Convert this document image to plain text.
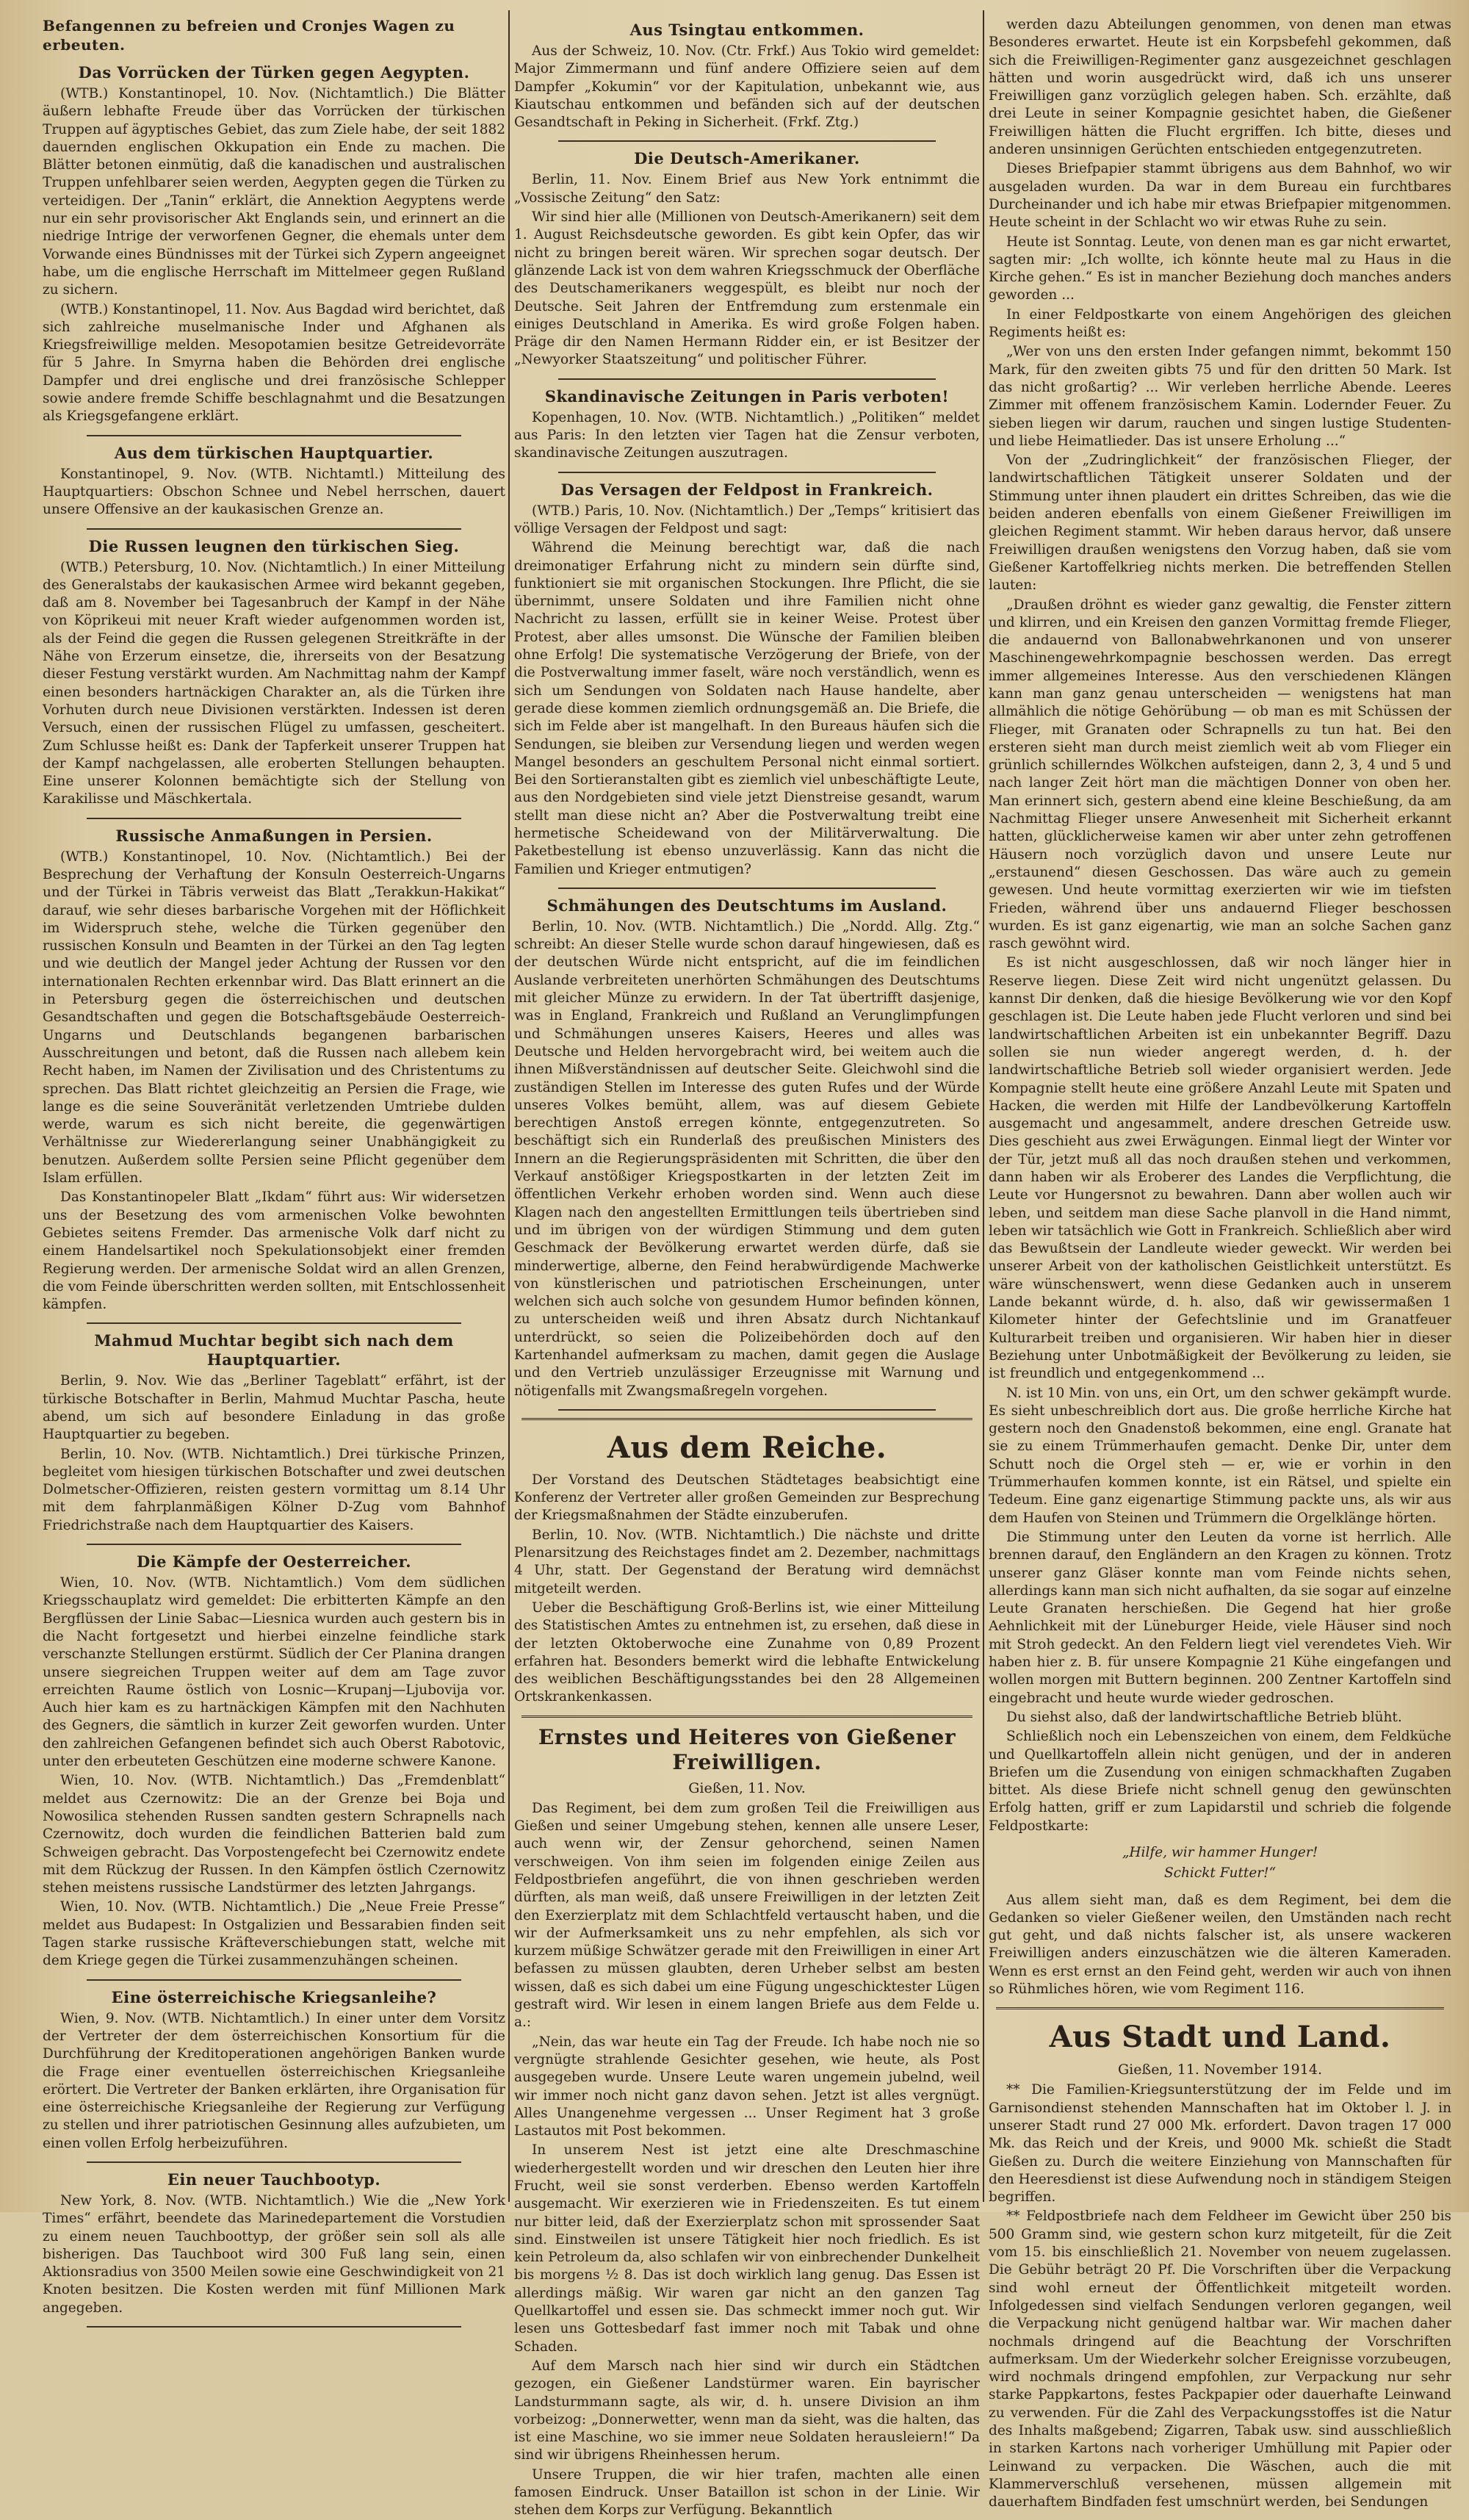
Befangennen zu befreien und Cronjes Wagen zu erbeuten.
Das Vorrücken der Türken gegen Aegypten.

(WTB.) Konstantinopel, 10. Nov. (Nichtamtlich.) Die Blätter äußern lebhafte Freude über das Vorrücken der türkischen Truppen auf ägyptisches Gebiet, das zum Ziele habe, der seit 1882 dauernden englischen Okkupation ein Ende zu machen. Die Blätter betonen einmütig, daß die kanadischen und australischen Truppen unfehlbarer seien werden, Aegypten gegen die Türken zu verteidigen. Der „Tanin“ erklärt, die Annektion Aegyptens werde nur ein sehr provisorischer Akt Englands sein, und erinnert an die niedrige Intrige der verworfenen Gegner, die ehemals unter dem Vorwande eines Bündnisses mit der Türkei sich Zypern angeeignet habe, um die englische Herrschaft im Mittelmeer gegen Rußland zu sichern.

(WTB.) Konstantinopel, 11. Nov. Aus Bagdad wird berichtet, daß sich zahlreiche muselmanische Inder und Afghanen als Kriegsfreiwillige melden. Mesopotamien besitze Getreidevorräte für 5 Jahre. In Smyrna haben die Behörden drei englische Dampfer und drei englische und drei französische Schlepper sowie andere fremde Schiffe beschlagnahmt und die Besatzungen als Kriegsgefangene erklärt.

Aus dem türkischen Hauptquartier.

Konstantinopel, 9. Nov. (WTB. Nichtamtl.) Mitteilung des Hauptquartiers: Obschon Schnee und Nebel herrschen, dauert unsere Offensive an der kaukasischen Grenze an.

Die Russen leugnen den türkischen Sieg.

(WTB.) Petersburg, 10. Nov. (Nichtamtlich.) In einer Mitteilung des Generalstabs der kaukasischen Armee wird bekannt gegeben, daß am 8. November bei Tagesanbruch der Kampf in der Nähe von Köprikeui mit neuer Kraft wieder aufgenommen worden ist, als der Feind die gegen die Russen gelegenen Streitkräfte in der Nähe von Erzerum einsetze, die, ihrerseits von der Besatzung dieser Festung verstärkt wurden. Am Nachmittag nahm der Kampf einen besonders hartnäckigen Charakter an, als die Türken ihre Vorhuten durch neue Divisionen verstärkten. Indessen ist deren Versuch, einen der russischen Flügel zu umfassen, gescheitert. Zum Schlusse heißt es: Dank der Tapferkeit unserer Truppen hat der Kampf nachgelassen, alle eroberten Stellungen behaupten. Eine unserer Kolonnen bemächtigte sich der Stellung von Karakilisse und Mäschkertala.

Russische Anmaßungen in Persien.

(WTB.) Konstantinopel, 10. Nov. (Nichtamtlich.) Bei der Besprechung der Verhaftung der Konsuln Oesterreich-Ungarns und der Türkei in Täbris verweist das Blatt „Terakkun-Hakikat“ darauf, wie sehr dieses barbarische Vorgehen mit der Höflichkeit im Widerspruch stehe, welche die Türken gegenüber den russischen Konsuln und Beamten in der Türkei an den Tag legten und wie deutlich der Mangel jeder Achtung der Russen vor den internationalen Rechten erkennbar wird. Das Blatt erinnert an die in Petersburg gegen die österreichischen und deutschen Gesandtschaften und gegen die Botschaftsgebäude Oesterreich-Ungarns und Deutschlands begangenen barbarischen Ausschreitungen und betont, daß die Russen nach allebem kein Recht haben, im Namen der Zivilisation und des Christentums zu sprechen. Das Blatt richtet gleichzeitig an Persien die Frage, wie lange es die seine Souveränität verletzenden Umtriebe dulden werde, warum es sich nicht bereite, die gegenwärtigen Verhältnisse zur Wiedererlangung seiner Unabhängigkeit zu benutzen. Außerdem sollte Persien seine Pflicht gegenüber dem Islam erfüllen.

Das Konstantinopeler Blatt „Ikdam“ führt aus: Wir widersetzen uns der Besetzung des vom armenischen Volke bewohnten Gebietes seitens Fremder. Das armenische Volk darf nicht zu einem Handelsartikel noch Spekulationsobjekt einer fremden Regierung werden. Der armenische Soldat wird an allen Grenzen, die vom Feinde überschritten werden sollten, mit Entschlossenheit kämpfen.

Mahmud Muchtar begibt sich nach dem Hauptquartier.

Berlin, 9. Nov. Wie das „Berliner Tageblatt“ erfährt, ist der türkische Botschafter in Berlin, Mahmud Muchtar Pascha, heute abend, um sich auf besondere Einladung in das große Hauptquartier zu begeben.

Berlin, 10. Nov. (WTB. Nichtamtlich.) Drei türkische Prinzen, begleitet vom hiesigen türkischen Botschafter und zwei deutschen Dolmetscher-Offizieren, reisten gestern vormittag um 8.14 Uhr mit dem fahrplanmäßigen Kölner D-Zug vom Bahnhof Friedrichstraße nach dem Hauptquartier des Kaisers.

Die Kämpfe der Oesterreicher.

Wien, 10. Nov. (WTB. Nichtamtlich.) Vom dem südlichen Kriegsschauplatz wird gemeldet: Die erbitterten Kämpfe an den Bergflüssen der Linie Sabac—Liesnica wurden auch gestern bis in die Nacht fortgesetzt und hierbei einzelne feindliche stark verschanzte Stellungen erstürmt. Südlich der Cer Planina drangen unsere siegreichen Truppen weiter auf dem am Tage zuvor erreichten Raume östlich von Losnic—Krupanj—Ljubovija vor. Auch hier kam es zu hartnäckigen Kämpfen mit den Nachhuten des Gegners, die sämtlich in kurzer Zeit geworfen wurden. Unter den zahlreichen Gefangenen befindet sich auch Oberst Rabotovic, unter den erbeuteten Geschützen eine moderne schwere Kanone.

Wien, 10. Nov. (WTB. Nichtamtlich.) Das „Fremdenblatt“ meldet aus Czernowitz: Die an der Grenze bei Boja und Nowosilica stehenden Russen sandten gestern Schrapnells nach Czernowitz, doch wurden die feindlichen Batterien bald zum Schweigen gebracht. Das Vorpostengefecht bei Czernowitz endete mit dem Rückzug der Russen. In den Kämpfen östlich Czernowitz stehen meistens russische Landstürmer des letzten Jahrgangs.

Wien, 10. Nov. (WTB. Nichtamtlich.) Die „Neue Freie Presse“ meldet aus Budapest: In Ostgalizien und Bessarabien finden seit Tagen starke russische Kräfteverschiebungen statt, welche mit dem Kriege gegen die Türkei zusammenzuhängen scheinen.

Eine österreichische Kriegsanleihe?

Wien, 9. Nov. (WTB. Nichtamtlich.) In einer unter dem Vorsitz der Vertreter der dem österreichischen Konsortium für die Durchführung der Kreditoperationen angehörigen Banken wurde die Frage einer eventuellen österreichischen Kriegsanleihe erörtert. Die Vertreter der Banken erklärten, ihre Organisation für eine österreichische Kriegsanleihe der Regierung zur Verfügung zu stellen und ihrer patriotischen Gesinnung alles aufzubieten, um einen vollen Erfolg herbeizuführen.

Ein neuer Tauchbootyp.

New York, 8. Nov. (WTB. Nichtamtlich.) Wie die „New York Times“ erfährt, beendete das Marinedepartement die Vorstudien zu einem neuen Tauchboottyp, der größer sein soll als alle bisherigen. Das Tauchboot wird 300 Fuß lang sein, einen Aktionsradius von 3500 Meilen sowie eine Geschwindigkeit von 21 Knoten besitzen. Die Kosten werden mit fünf Millionen Mark angegeben.

Aus Tsingtau entkommen.

Aus der Schweiz, 10. Nov. (Ctr. Frkf.) Aus Tokio wird gemeldet: Major Zimmermann und fünf andere Offiziere seien auf dem Dampfer „Kokumin“ vor der Kapitulation, unbekannt wie, aus Kiautschau entkommen und befänden sich auf der deutschen Gesandtschaft in Peking in Sicherheit. (Frkf. Ztg.)

Die Deutsch-Amerikaner.

Berlin, 11. Nov. Einem Brief aus New York entnimmt die „Vossische Zeitung“ den Satz:

Wir sind hier alle (Millionen von Deutsch-Amerikanern) seit dem 1. August Reichsdeutsche geworden. Es gibt kein Opfer, das wir nicht zu bringen bereit wären. Wir sprechen sogar deutsch. Der glänzende Lack ist von dem wahren Kriegsschmuck der Oberfläche des Deutschamerikaners weggespült, es bleibt nur noch der Deutsche. Seit Jahren der Entfremdung zum erstenmale ein einiges Deutschland in Amerika. Es wird große Folgen haben. Präge dir den Namen Hermann Ridder ein, er ist Besitzer der „Newyorker Staatszeitung“ und politischer Führer.

Skandinavische Zeitungen in Paris verboten!

Kopenhagen, 10. Nov. (WTB. Nichtamtlich.) „Politiken“ meldet aus Paris: In den letzten vier Tagen hat die Zensur verboten, skandinavische Zeitungen auszutragen.

Das Versagen der Feldpost in Frankreich.

(WTB.) Paris, 10. Nov. (Nichtamtlich.) Der „Temps“ kritisiert das völlige Versagen der Feldpost und sagt:

Während die Meinung berechtigt war, daß die nach dreimonatiger Erfahrung nicht zu mindern sein dürfte sind, funktioniert sie mit organischen Stockungen. Ihre Pflicht, die sie übernimmt, unsere Soldaten und ihre Familien nicht ohne Nachricht zu lassen, erfüllt sie in keiner Weise. Protest über Protest, aber alles umsonst. Die Wünsche der Familien bleiben ohne Erfolg! Die systematische Verzögerung der Briefe, von der die Postverwaltung immer faselt, wäre noch verständlich, wenn es sich um Sendungen von Soldaten nach Hause handelte, aber gerade diese kommen ziemlich ordnungsgemäß an. Die Briefe, die sich im Felde aber ist mangelhaft. In den Bureaus häufen sich die Sendungen, sie bleiben zur Versendung liegen und werden wegen Mangel besonders an geschultem Personal nicht einmal sortiert. Bei den Sortieranstalten gibt es ziemlich viel unbeschäftigte Leute, aus den Nordgebieten sind viele jetzt Dienstreise gesandt, warum stellt man diese nicht an? Aber die Postverwaltung treibt eine hermetische Scheidewand von der Militärverwaltung. Die Paketbestellung ist ebenso unzuverlässig. Kann das nicht die Familien und Krieger entmutigen?

Schmähungen des Deutschtums im Ausland.

Berlin, 10. Nov. (WTB. Nichtamtlich.) Die „Nordd. Allg. Ztg.“ schreibt: An dieser Stelle wurde schon darauf hingewiesen, daß es der deutschen Würde nicht entspricht, auf die im feindlichen Auslande verbreiteten unerhörten Schmähungen des Deutschtums mit gleicher Münze zu erwidern. In der Tat übertrifft dasjenige, was in England, Frankreich und Rußland an Verunglimpfungen und Schmähungen unseres Kaisers, Heeres und alles was Deutsche und Helden hervorgebracht wird, bei weitem auch die ihnen Mißverständnissen auf deutscher Seite. Gleichwohl sind die zuständigen Stellen im Interesse des guten Rufes und der Würde unseres Volkes bemüht, allem, was auf diesem Gebiete berechtigen Anstoß erregen könnte, entgegenzutreten. So beschäftigt sich ein Runderlaß des preußischen Ministers des Innern an die Regierungspräsidenten mit Schritten, die über den Verkauf anstößiger Kriegspostkarten in der letzten Zeit im öffentlichen Verkehr erhoben worden sind. Wenn auch diese Klagen nach den angestellten Ermittlungen teils übertrieben sind und im übrigen von der würdigen Stimmung und dem guten Geschmack der Bevölkerung erwartet werden dürfe, daß sie minderwertige, alberne, den Feind herabwürdigende Machwerke von künstlerischen und patriotischen Erscheinungen, unter welchen sich auch solche von gesundem Humor befinden können, zu unterscheiden weiß und ihren Absatz durch Nichtankauf unterdrückt, so seien die Polizeibehörden doch auf den Kartenhandel aufmerksam zu machen, damit gegen die Auslage und den Vertrieb unzulässiger Erzeugnisse mit Warnung und nötigenfalls mit Zwangsmaßregeln vorgehen.

Aus dem Reiche.

Der Vorstand des Deutschen Städtetages beabsichtigt eine Konferenz der Vertreter aller großen Gemeinden zur Besprechung der Kriegsmaßnahmen der Städte einzuberufen.

Berlin, 10. Nov. (WTB. Nichtamtlich.) Die nächste und dritte Plenarsitzung des Reichstages findet am 2. Dezember, nachmittags 4 Uhr, statt. Der Gegenstand der Beratung wird demnächst mitgeteilt werden.

Ueber die Beschäftigung Groß-Berlins ist, wie einer Mitteilung des Statistischen Amtes zu entnehmen ist, zu ersehen, daß diese in der letzten Oktoberwoche eine Zunahme von 0,89 Prozent erfahren hat. Besonders bemerkt wird die lebhafte Entwickelung des weiblichen Beschäftigungsstandes bei den 28 Allgemeinen Ortskrankenkassen.

Ernstes und Heiteres von Gießener Freiwilligen.
Gießen, 11. Nov.

Das Regiment, bei dem zum großen Teil die Freiwilligen aus Gießen und seiner Umgebung stehen, kennen alle unsere Leser, auch wenn wir, der Zensur gehorchend, seinen Namen verschweigen. Von ihm seien im folgenden einige Zeilen aus Feldpostbriefen angeführt, die von ihnen geschrieben werden dürften, als man weiß, daß unsere Freiwilligen in der letzten Zeit den Exerzierplatz mit dem Schlachtfeld vertauscht haben, und die wir der Aufmerksamkeit uns zu nehr empfehlen, als sich vor kurzem müßige Schwätzer gerade mit den Freiwilligen in einer Art befassen zu müssen glaubten, deren Urheber selbst am besten wissen, daß es sich dabei um eine Fügung ungeschicktester Lügen gestraft wird. Wir lesen in einem langen Briefe aus dem Felde u. a.:

„Nein, das war heute ein Tag der Freude. Ich habe noch nie so vergnügte strahlende Gesichter gesehen, wie heute, als Post ausgegeben wurde. Unsere Leute waren ungemein jubelnd, weil wir immer noch nicht ganz davon sehen. Jetzt ist alles vergnügt. Alles Unangenehme vergessen ... Unser Regiment hat 3 große Lastautos mit Post bekommen.

In unserem Nest ist jetzt eine alte Dreschmaschine wiederhergestellt worden und wir dreschen den Leuten hier ihre Frucht, weil sie sonst verderben. Ebenso werden Kartoffeln ausgemacht. Wir exerzieren wie in Friedenszeiten. Es tut einem nur bitter leid, daß der Exerzierplatz schon mit sprossender Saat sind. Einstweilen ist unsere Tätigkeit hier noch friedlich. Es ist kein Petroleum da, also schlafen wir von einbrechender Dunkelheit bis morgens ½ 8. Das ist doch wirklich lang genug. Das Essen ist allerdings mäßig. Wir waren gar nicht an den ganzen Tag Quellkartoffel und essen sie. Das schmeckt immer noch gut. Wir lesen uns Gottesbedarf fast immer noch mit Tabak und ohne Schaden.

Auf dem Marsch nach hier sind wir durch ein Städtchen gezogen, ein Gießener Landstürmer waren. Ein bayrischer Landsturmmann sagte, als wir, d. h. unsere Division an ihm vorbeizog: „Donnerwetter, wenn man da sieht, was die halten, das ist eine Maschine, wo sie immer neue Soldaten herausleiern!“ Da sind wir übrigens Rheinhessen herum.

Unsere Truppen, die wir hier trafen, machten alle einen famosen Eindruck. Unser Bataillon ist schon in der Linie. Wir stehen dem Korps zur Verfügung. Bekanntlich

werden dazu Abteilungen genommen, von denen man etwas Besonderes erwartet. Heute ist ein Korpsbefehl gekommen, daß sich die Freiwilligen-Regimenter ganz ausgezeichnet geschlagen hätten und worin ausgedrückt wird, daß ich uns unserer Freiwilligen ganz vorzüglich gelegen haben. Sch. erzählte, daß drei Leute in seiner Kompagnie gesichtet haben, die Gießener Freiwilligen hätten die Flucht ergriffen. Ich bitte, dieses und anderen unsinnigen Gerüchten entschieden entgegenzutreten.

Dieses Briefpapier stammt übrigens aus dem Bahnhof, wo wir ausgeladen wurden. Da war in dem Bureau ein furchtbares Durcheinander und ich habe mir etwas Briefpapier mitgenommen. Heute scheint in der Schlacht wo wir etwas Ruhe zu sein.

Heute ist Sonntag. Leute, von denen man es gar nicht erwartet, sagten mir: „Ich wollte, ich könnte heute mal zu Haus in die Kirche gehen.“ Es ist in mancher Beziehung doch manches anders geworden ...

In einer Feldpostkarte von einem Angehörigen des gleichen Regiments heißt es:

„Wer von uns den ersten Inder gefangen nimmt, bekommt 150 Mark, für den zweiten gibts 75 und für den dritten 50 Mark. Ist das nicht großartig? ... Wir verleben herrliche Abende. Leeres Zimmer mit offenem französischem Kamin. Lodernder Feuer. Zu sieben liegen wir darum, rauchen und singen lustige Studenten- und liebe Heimatlieder. Das ist unsere Erholung ...“

Von der „Zudringlichkeit“ der französischen Flieger, der landwirtschaftlichen Tätigkeit unserer Soldaten und der Stimmung unter ihnen plaudert ein drittes Schreiben, das wie die beiden anderen ebenfalls von einem Gießener Freiwilligen im gleichen Regiment stammt. Wir heben daraus hervor, daß unsere Freiwilligen draußen wenigstens den Vorzug haben, daß sie vom Gießener Kartoffelkrieg nichts merken. Die betreffenden Stellen lauten:

„Draußen dröhnt es wieder ganz gewaltig, die Fenster zittern und klirren, und ein Kreisen den ganzen Vormittag fremde Flieger, die andauernd von Ballonabwehrkanonen und von unserer Maschinengewehrkompagnie beschossen werden. Das erregt immer allgemeines Interesse. Aus den verschiedenen Klängen kann man ganz genau unterscheiden — wenigstens hat man allmählich die nötige Gehörübung — ob man es mit Schüssen der Flieger, mit Granaten oder Schrapnells zu tun hat. Bei den ersteren sieht man durch meist ziemlich weit ab vom Flieger ein grünlich schillerndes Wölkchen aufsteigen, dann 2, 3, 4 und 5 und nach langer Zeit hört man die mächtigen Donner von oben her. Man erinnert sich, gestern abend eine kleine Beschießung, da am Nachmittag Flieger unsere Anwesenheit mit Sicherheit erkannt hatten, glücklicherweise kamen wir aber unter zehn getroffenen Häusern noch vorzüglich davon und unsere Leute nur „erstaunend“ diesen Geschossen. Das wäre auch zu gemein gewesen. Und heute vormittag exerzierten wir wie im tiefsten Frieden, während über uns andauernd Flieger beschossen wurden. Es ist ganz eigenartig, wie man an solche Sachen ganz rasch gewöhnt wird.

Es ist nicht ausgeschlossen, daß wir noch länger hier in Reserve liegen. Diese Zeit wird nicht ungenützt gelassen. Du kannst Dir denken, daß die hiesige Bevölkerung wie vor den Kopf geschlagen ist. Die Leute haben jede Flucht verloren und sind bei landwirtschaftlichen Arbeiten ist ein unbekannter Begriff. Dazu sollen sie nun wieder angeregt werden, d. h. der landwirtschaftliche Betrieb soll wieder organisiert werden. Jede Kompagnie stellt heute eine größere Anzahl Leute mit Spaten und Hacken, die werden mit Hilfe der Landbevölkerung Kartoffeln ausgemacht und angesammelt, andere dreschen Getreide usw. Dies geschieht aus zwei Erwägungen. Einmal liegt der Winter vor der Tür, jetzt muß all das noch draußen stehen und verkommen, dann haben wir als Eroberer des Landes die Verpflichtung, die Leute vor Hungersnot zu bewahren. Dann aber wollen auch wir leben, und seitdem man diese Sache planvoll in die Hand nimmt, leben wir tatsächlich wie Gott in Frankreich. Schließlich aber wird das Bewußtsein der Landleute wieder geweckt. Wir werden bei unserer Arbeit von der katholischen Geistlichkeit unterstützt. Es wäre wünschenswert, wenn diese Gedanken auch in unserem Lande bekannt würde, d. h. also, daß wir gewissermaßen 1 Kilometer hinter der Gefechtslinie und im Granatfeuer Kulturarbeit treiben und organisieren. Wir haben hier in dieser Beziehung unter Unbotmäßigkeit der Bevölkerung zu leiden, sie ist freundlich und entgegenkommend ...

N. ist 10 Min. von uns, ein Ort, um den schwer gekämpft wurde. Es sieht unbeschreiblich dort aus. Die große herrliche Kirche hat gestern noch den Gnadenstoß bekommen, eine engl. Granate hat sie zu einem Trümmerhaufen gemacht. Denke Dir, unter dem Schutt noch die Orgel steh — er, wie er vorhin in den Trümmerhaufen kommen konnte, ist ein Rätsel, und spielte ein Tedeum. Eine ganz eigenartige Stimmung packte uns, als wir aus dem Haufen von Steinen und Trümmern die Orgelklänge hörten.

Die Stimmung unter den Leuten da vorne ist herrlich. Alle brennen darauf, den Engländern an den Kragen zu können. Trotz unserer ganz Gläser konnte man vom Feinde nichts sehen, allerdings kann man sich nicht aufhalten, da sie sogar auf einzelne Leute Granaten herschießen. Die Gegend hat hier große Aehnlichkeit mit der Lüneburger Heide, viele Häuser sind noch mit Stroh gedeckt. An den Feldern liegt viel verendetes Vieh. Wir haben hier z. B. für unsere Kompagnie 21 Kühe eingefangen und wollen morgen mit Buttern beginnen. 200 Zentner Kartoffeln sind eingebracht und heute wurde wieder gedroschen.

Du siehst also, daß der landwirtschaftliche Betrieb blüht.

Schließlich noch ein Lebenszeichen von einem, dem Feldküche und Quellkartoffeln allein nicht genügen, und der in anderen Briefen um die Zusendung von einigen schmackhaften Zugaben bittet. Als diese Briefe nicht schnell genug den gewünschten Erfolg hatten, griff er zum Lapidarstil und schrieb die folgende Feldpostkarte:

„Hilfe, wir hammer Hunger!
Schickt Futter!“

Aus allem sieht man, daß es dem Regiment, bei dem die Gedanken so vieler Gießener weilen, den Umständen nach recht gut geht, und daß nichts falscher ist, als unsere wackeren Freiwilligen anders einzuschätzen wie die älteren Kameraden. Wenn es erst ernst an den Feind geht, werden wir auch von ihnen so Rühmliches hören, wie vom Regiment 116.

Aus Stadt und Land.
Gießen, 11. November 1914.

** Die Familien-Kriegsunterstützung der im Felde und im Garnisondienst stehenden Mannschaften hat im Oktober l. J. in unserer Stadt rund 27 000 Mk. erfordert. Davon tragen 17 000 Mk. das Reich und der Kreis, und 9000 Mk. schießt die Stadt Gießen zu. Durch die weitere Einziehung von Mannschaften für den Heeresdienst ist diese Aufwendung noch in ständigem Steigen begriffen.

** Feldpostbriefe nach dem Feldheer im Gewicht über 250 bis 500 Gramm sind, wie gestern schon kurz mitgeteilt, für die Zeit vom 15. bis einschließlich 21. November von neuem zugelassen. Die Gebühr beträgt 20 Pf. Die Vorschriften über die Verpackung sind wohl erneut der Öffentlichkeit mitgeteilt worden. Infolgedessen sind vielfach Sendungen verloren gegangen, weil die Verpackung nicht genügend haltbar war. Wir machen daher nochmals dringend auf die Beachtung der Vorschriften aufmerksam. Um der Wiederkehr solcher Ereignisse vorzubeugen, wird nochmals dringend empfohlen, zur Verpackung nur sehr starke Pappkartons, festes Packpapier oder dauerhafte Leinwand zu verwenden. Für die Zahl des Verpackungsstoffes ist die Natur des Inhalts maßgebend; Zigarren, Tabak usw. sind ausschließlich in starken Kartons nach vorheriger Umhüllung mit Papier oder Leinwand zu verpacken. Die Wäschen, auch die mit Klammerverschluß versehenen, müssen allgemein mit dauerhaftem Bindfaden fest umschnürt werden, bei Sendungen
